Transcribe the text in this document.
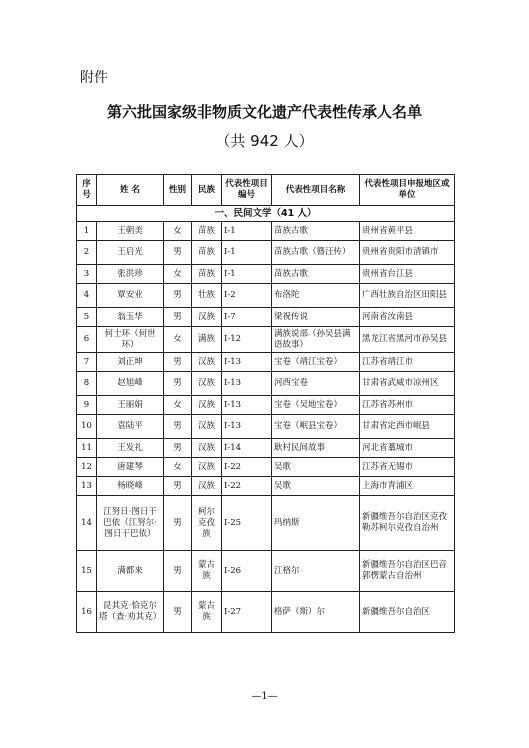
附件
第六批国家级非物质文化遗产代表性传承人名单
（共 942 人）
序号	姓 名	性别	民族	代表性项目编号	代表性项目名称	代表性项目申报地区或单位
一、民间文学（41 人）						
1	王朝美	女	苗族	Ⅰ-1	苗族古歌	贵州省黄平县
2	王启光	男	苗族	Ⅰ-1	苗族古歌（簪汪传）	贵州省贵阳市清镇市
3	张洪珍	女	苗族	Ⅰ-1	苗族古歌	贵州省台江县
4	覃安业	男	壮族	Ⅰ-2	布洛陀	广西壮族自治区田阳县
5	翁玉华	男	汉族	Ⅰ-7	梁祝传说	河南省汝南县
6	何士环（何世环）	女	满族	Ⅰ-12	满族说部（孙吴县满语故事）	黑龙江省黑河市孙吴县
7	刘正坤	男	汉族	Ⅰ-13	宝卷（靖江宝卷）	江苏省靖江市
8	赵旭峰	男	汉族	Ⅰ-13	河西宝卷	甘肃省武威市凉州区
9	王丽娟	女	汉族	Ⅰ-13	宝卷（吴地宝卷）	江苏省苏州市
10	袁陆平	男	汉族	Ⅰ-13	宝卷（岷县宝卷）	甘肃省定西市岷县
11	王发礼	男	汉族	Ⅰ-14	耿村民间故事	河北省藁城市
12	唐建琴	女	汉族	Ⅰ-22	吴歌	江苏省无锡市
13	杨晓峰	男	汉族	Ⅰ-22	吴歌	上海市青浦区
14	江努日·图日干巴依（江努尔·图日干巴依）	男	柯尔克孜族	Ⅰ-25	玛纳斯	新疆维吾尔自治区克孜勒苏柯尔克孜自治州
15	满都来	男	蒙古族	Ⅰ-26	江格尔	新疆维吾尔自治区巴音郭楞蒙古自治州
16	昆其克·恰克尔塔（查·劝其克）	男	蒙古族	Ⅰ-27	格萨（斯）尔	新疆维吾尔自治区
—1—
